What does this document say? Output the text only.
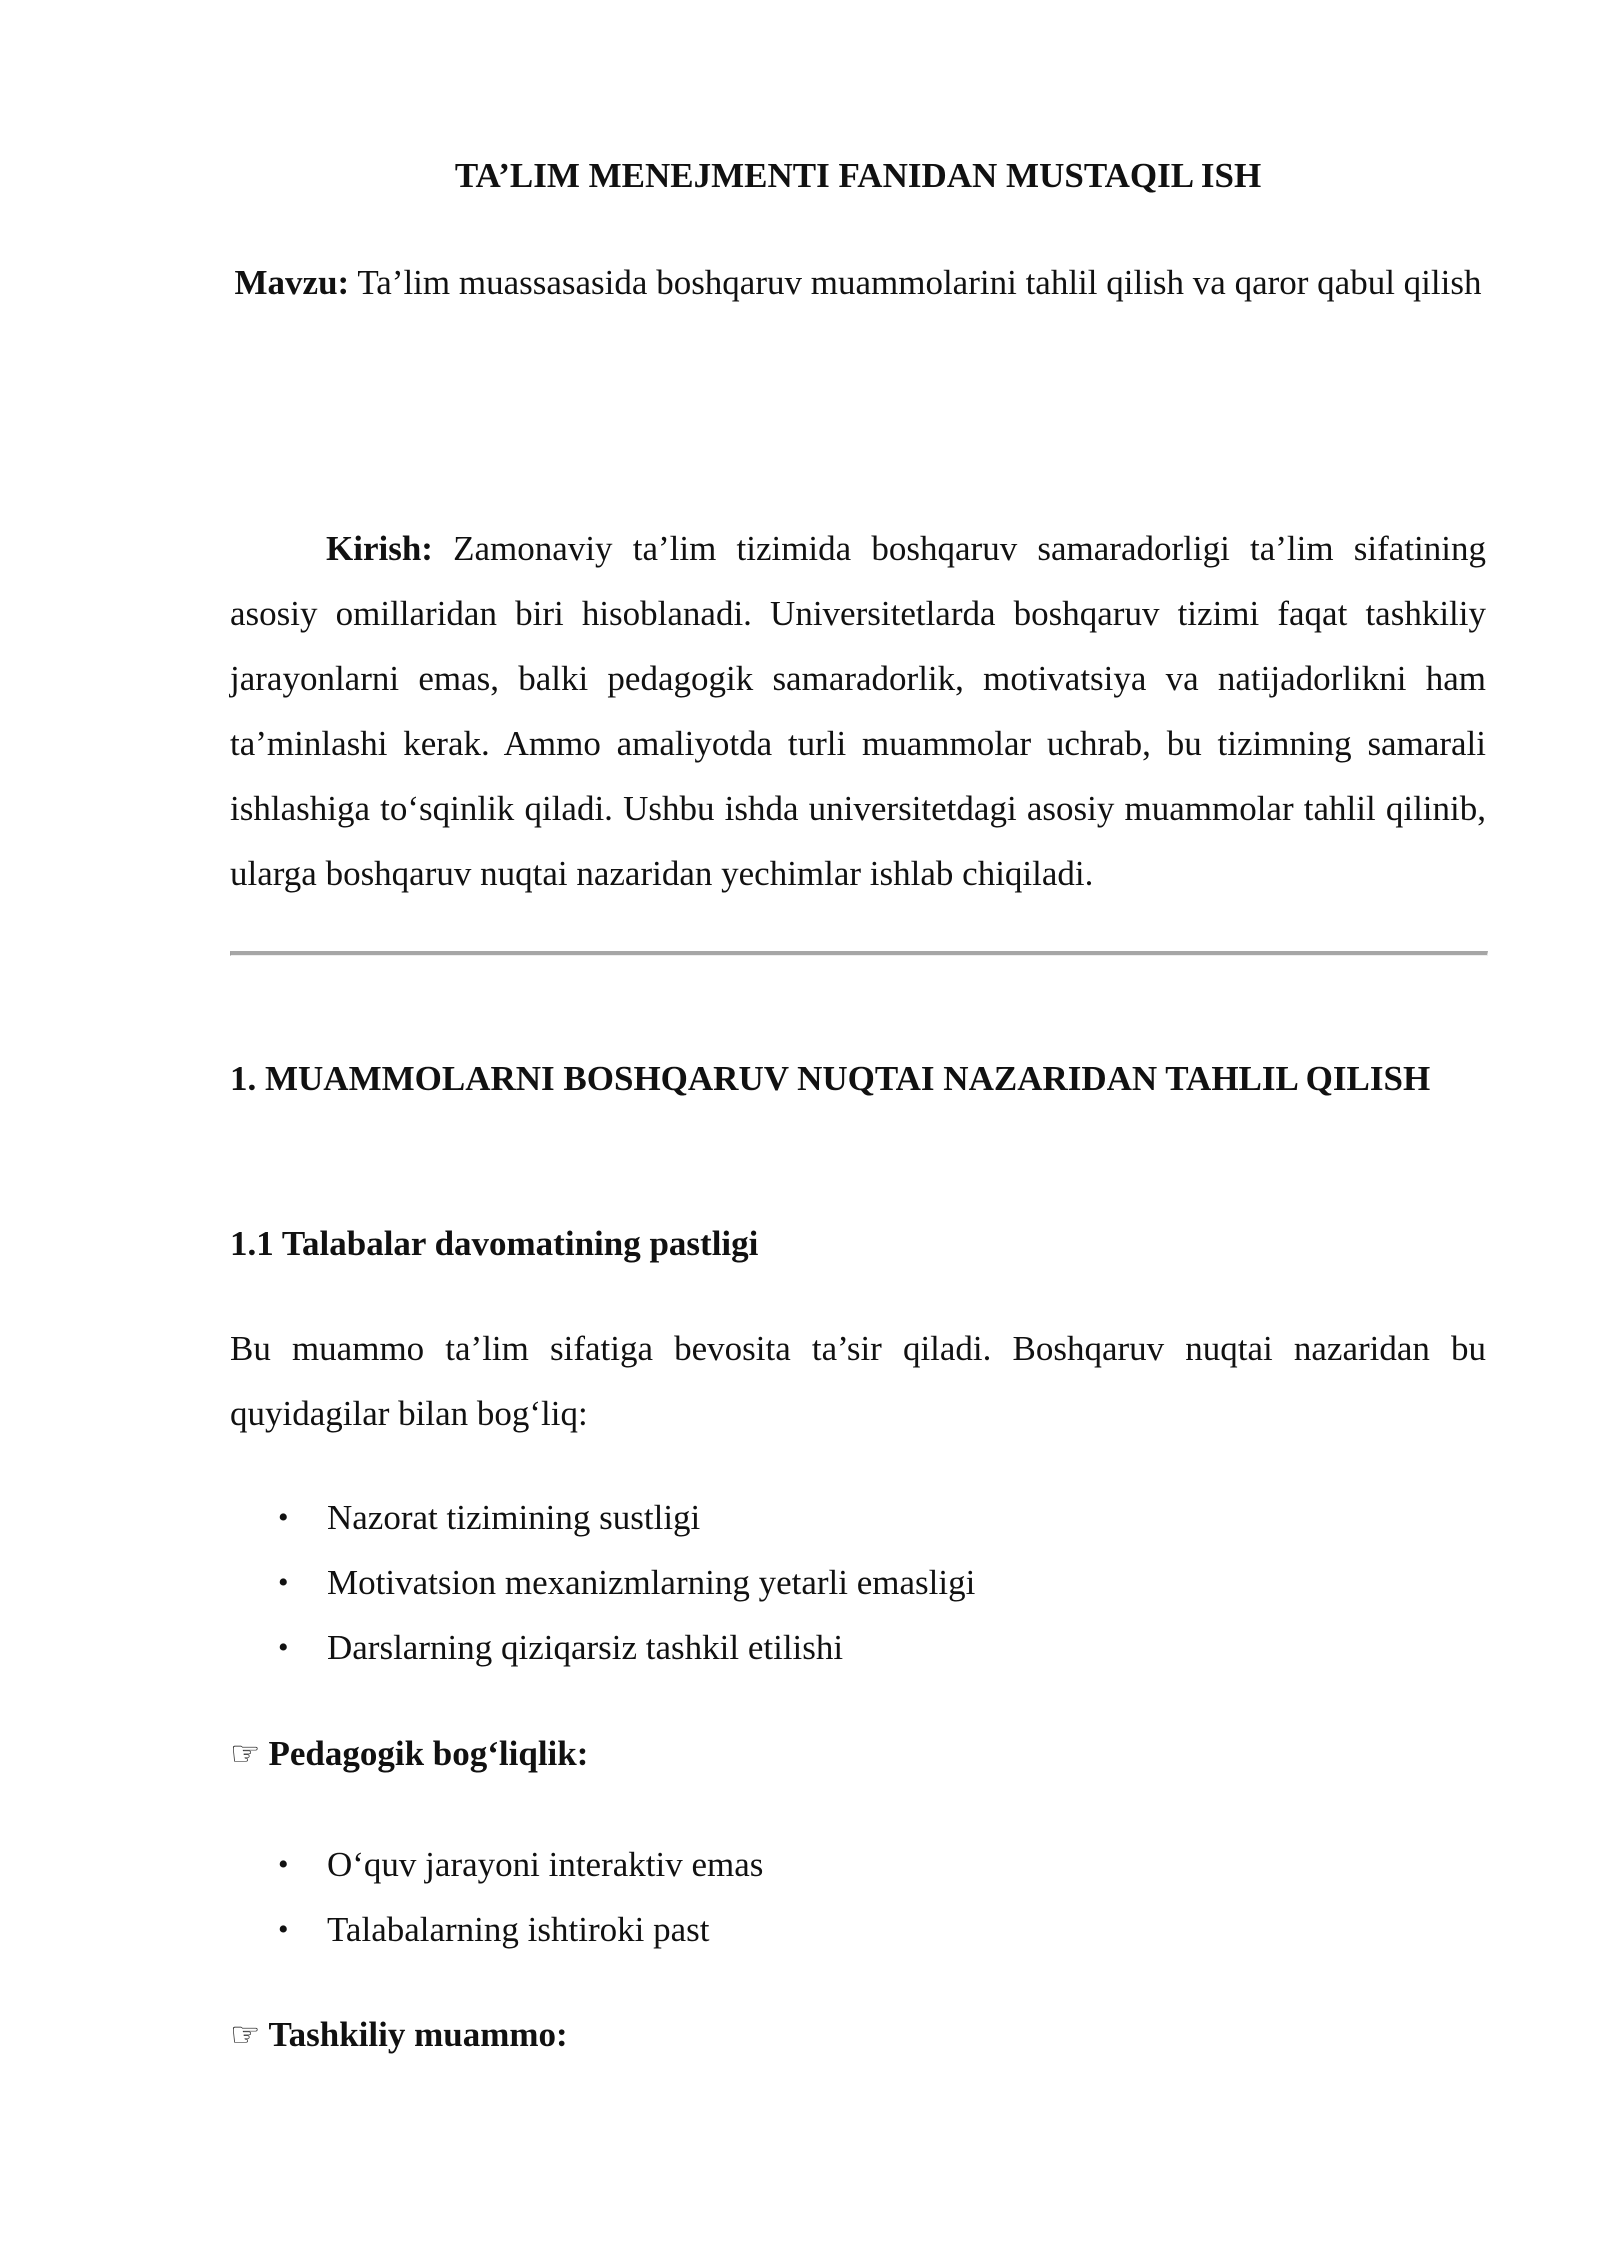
TA’LIM MENEJMENTI FANIDAN MUSTAQIL ISH

Mavzu: Ta’lim muassasasida boshqaruv muammolarini tahlil qilish va qaror qabul qilish

Kirish: Zamonaviy ta’lim tizimida boshqaruv samaradorligi ta’lim sifatining asosiy omillaridan biri hisoblanadi. Universitetlarda boshqaruv tizimi faqat tashkiliy jarayonlarni emas, balki pedagogik samaradorlik, motivatsiya va natijadorlikni ham ta’minlashi kerak. Ammo amaliyotda turli muammolar uchrab, bu tizimning samarali ishlashiga to‘sqinlik qiladi. Ushbu ishda universitetdagi asosiy muammolar tahlil qilinib, ularga boshqaruv nuqtai nazaridan yechimlar ishlab chiqiladi.

1. MUAMMOLARNI BOSHQARUV NUQTAI NAZARIDAN TAHLIL QILISH

1.1 Talabalar davomatining pastligi

Bu muammo ta’lim sifatiga bevosita ta’sir qiladi. Boshqaruv nuqtai nazaridan bu quyidagilar bilan bog‘liq:

• Nazorat tizimining sustligi
• Motivatsion mexanizmlarning yetarli emasligi
• Darslarning qiziqarsiz tashkil etilishi

☞ Pedagogik bog‘liqlik:

• O‘quv jarayoni interaktiv emas
• Talabalarning ishtiroki past

☞ Tashkiliy muammo:
